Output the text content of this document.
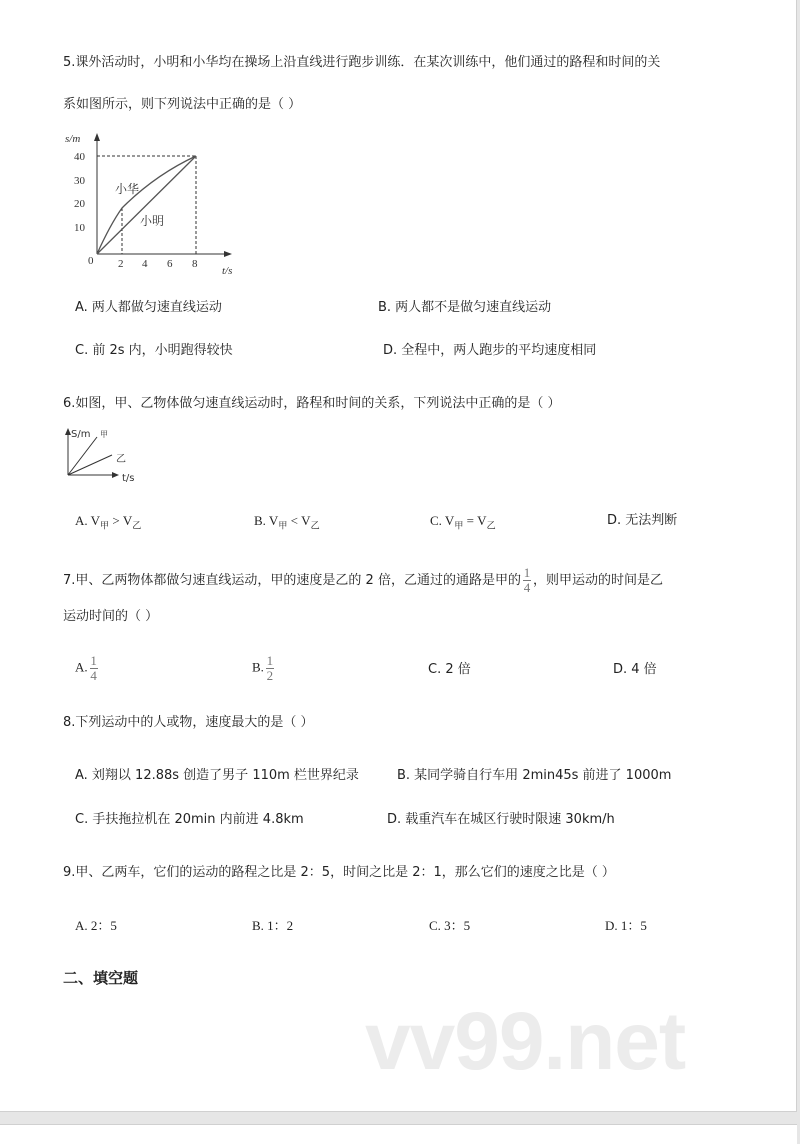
vv99.net
5.课外活动时，小明和小华均在操场上沿直线进行跑步训练．在某次训练中，他们通过的路程和时间的关
系如图所示，则下列说法中正确的是（ ）
s/m
40
30
20
10
0 2 4 6 8
t/s
小华
小明
A. 两人都做匀速直线运动	B. 两人都不是做匀速直线运动
C. 前 2s 内，小明跑得较快	D. 全程中，两人跑步的平均速度相同
6.如图，甲、乙物体做匀速直线运动时，路程和时间的关系，下列说法中正确的是（ ）
S/m 甲
乙
t/s
A. $V_甲 > V_乙$	B. $V_甲 < V_乙$	C. $V_甲 = V_乙$	D. 无法判断
7.甲、乙两物体都做匀速直线运动，甲的速度是乙的 2 倍，乙通过的通路是甲的 $\frac{1}{4}$ ，则甲运动的时间是乙
运动时间的（ ）
A. $\frac{1}{4}$	B. $\frac{1}{2}$	C. 2 倍	D. 4 倍
8.下列运动中的人或物，速度最大的是（ ）
A. 刘翔以 12.88s 创造了男子 110m 栏世界纪录	B. 某同学骑自行车用 2min45s 前进了 1000m
C. 手扶拖拉机在 20min 内前进 4.8km	D. 载重汽车在城区行驶时限速 30km/h
9.甲、乙两车，它们的运动的路程之比是 2：5，时间之比是 2：1，那么它们的速度之比是（ ）
A. 2：5	B. 1：2	C. 3：5	D. 1：5
二、填空题
